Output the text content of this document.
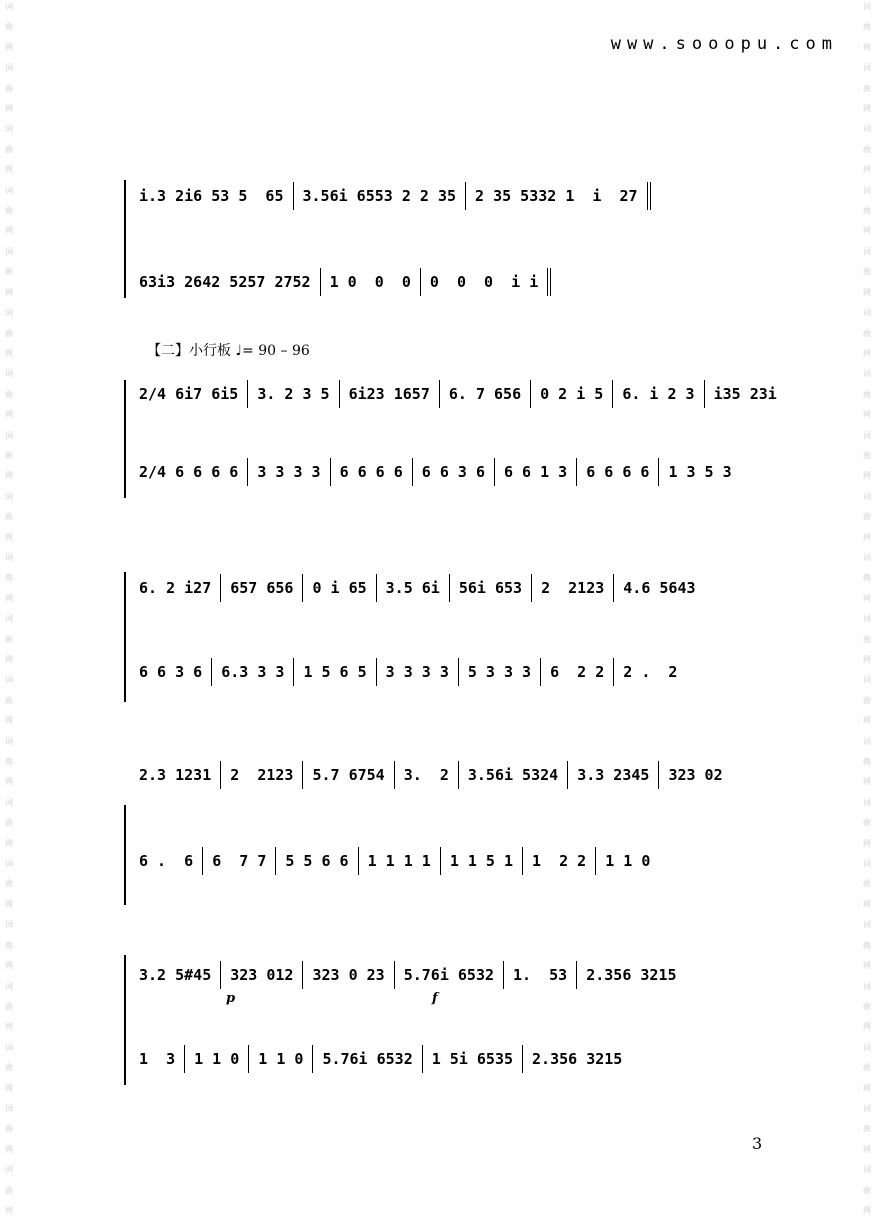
www.sooopu.com
词
曲
网
词
曲
网
词
曲
网
词
曲
网
词
曲
网
词
曲
网
词
曲
网
词
曲
网
词
曲
网
词
曲
网
词
曲
网
词
曲
网
词
曲
网
词
曲
网
词
曲
网
词
曲
网
词
曲
网
词
曲
网
词
曲
网
词
曲
网
词
曲
网
词
曲
网
词
曲
网
词
曲
网
词
曲
网
词
曲
网
词
曲
网
词
曲
网
词
曲
网
词
曲
网
词
曲
网
词
曲
网
词
曲
网
词
曲
网
词
曲
网
词
曲
网
词
曲
网
词
曲
网
词
曲
网
词
曲
网
i.3 2i6 53 5  65	3.56i 6553 2 2 35	2 35 5332 1  i  27
63i3 2642 5257 2752	1 0  0  0	0  0  0  i i
【二】小行板 ♩= 90 – 96
2/4 6i7 6i5	3. 2 3 5	6i23 1657	6. 7 656	0 2 i 5	6. i 2 3	i35 23i
2/4 6 6 6 6	3 3 3 3	6 6 6 6	6 6 3 6	6 6 1 3	6 6 6 6	1 3 5 3
6. 2 i27	657 656	0 i 65	3.5 6i	56i 653	2  2123	4.6 5643
6 6 3 6	6.3 3 3	1 5 6 5	3 3 3 3	5 3 3 3	6  2 2	2 .  2
2.3 1231	2  2123	5.7 6754	3.  2	3.56i 5324	3.3 2345	323 02
6 .  6	6  7 7	5 5 6 6	1 1 1 1	1 1 5 1	1  2 2	1 1 0
3.2 5#45	323 012	323 0 23	5.76i 6532	1.  53	2.356 3215
p	f
1  3	1 1 0	1 1 0	5.76i 6532	1 5i 6535	2.356 3215
3
